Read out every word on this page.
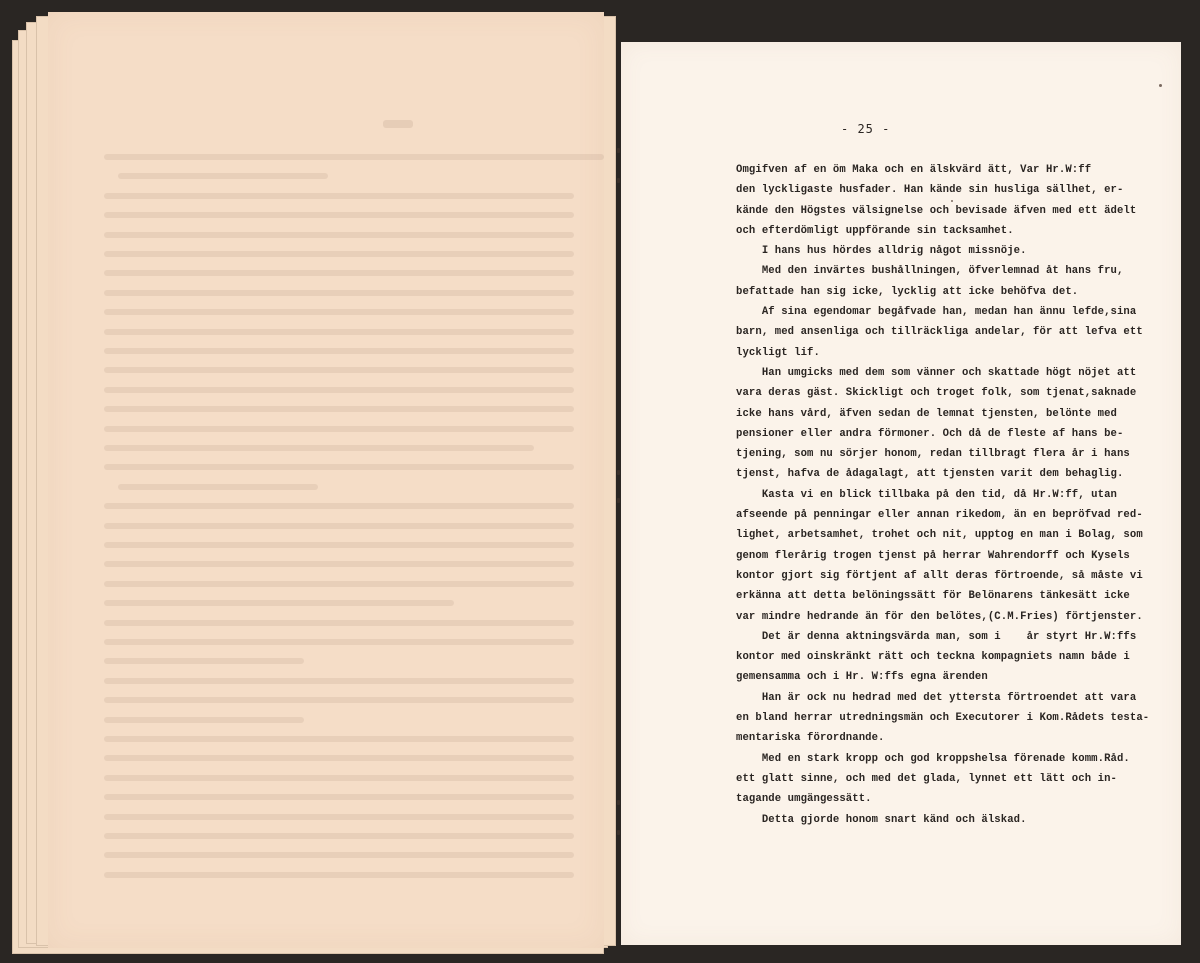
- 25 -
Omgifven af en öm Maka och en älskvärd ätt, Var Hr.W:ff
den lyckligaste husfader. Han kände sin husliga sällhet, er-
kände den Högstes välsignelse och bevisade äfven med ett ädelt
och efterdömligt uppförande sin tacksamhet.
I hans hus hördes alldrig något missnöje.
Med den invärtes bushållningen, öfverlemnad åt hans fru,
befattade han sig icke, lycklig att icke behöfva det.
Af sina egendomar begåfvade han, medan han ännu lefde,sina
barn, med ansenliga och tillräckliga andelar, för att lefva ett
lyckligt lif.
Han umgicks med dem som vänner och skattade högt nöjet att
vara deras gäst. Skickligt och troget folk, som tjenat,saknade
icke hans vård, äfven sedan de lemnat tjensten, belönte med
pensioner eller andra förmoner. Och då de fleste af hans be-
tjening, som nu sörjer honom, redan tillbragt flera år i hans
tjenst, hafva de ådagalagt, att tjensten varit dem behaglig.
Kasta vi en blick tillbaka på den tid, då Hr.W:ff, utan
afseende på penningar eller annan rikedom, än en bepröfvad red-
lighet, arbetsamhet, trohet och nit, upptog en man i Bolag, som
genom flerårig trogen tjenst på herrar Wahrendorff och Kysels
kontor gjort sig förtjent af allt deras förtroende, så måste vi
erkänna att detta belöningssätt för Belönarens tänkesätt icke
var mindre hedrande än för den belötes,(C.M.Fries) förtjenster.
Det är denna aktningsvärda man, som i    år styrt Hr.W:ffs
kontor med oinskränkt rätt och teckna kompagniets namn både i
gemensamma och i Hr. W:ffs egna ärenden
Han är ock nu hedrad med det yttersta förtroendet att vara
en bland herrar utredningsmän och Executorer i Kom.Rådets testa-
mentariska förordnande.
Med en stark kropp och god kroppshelsa förenade komm.Råd.
ett glatt sinne, och med det glada, lynnet ett lätt och in-
tagande umgängessätt.
Detta gjorde honom snart känd och älskad.
